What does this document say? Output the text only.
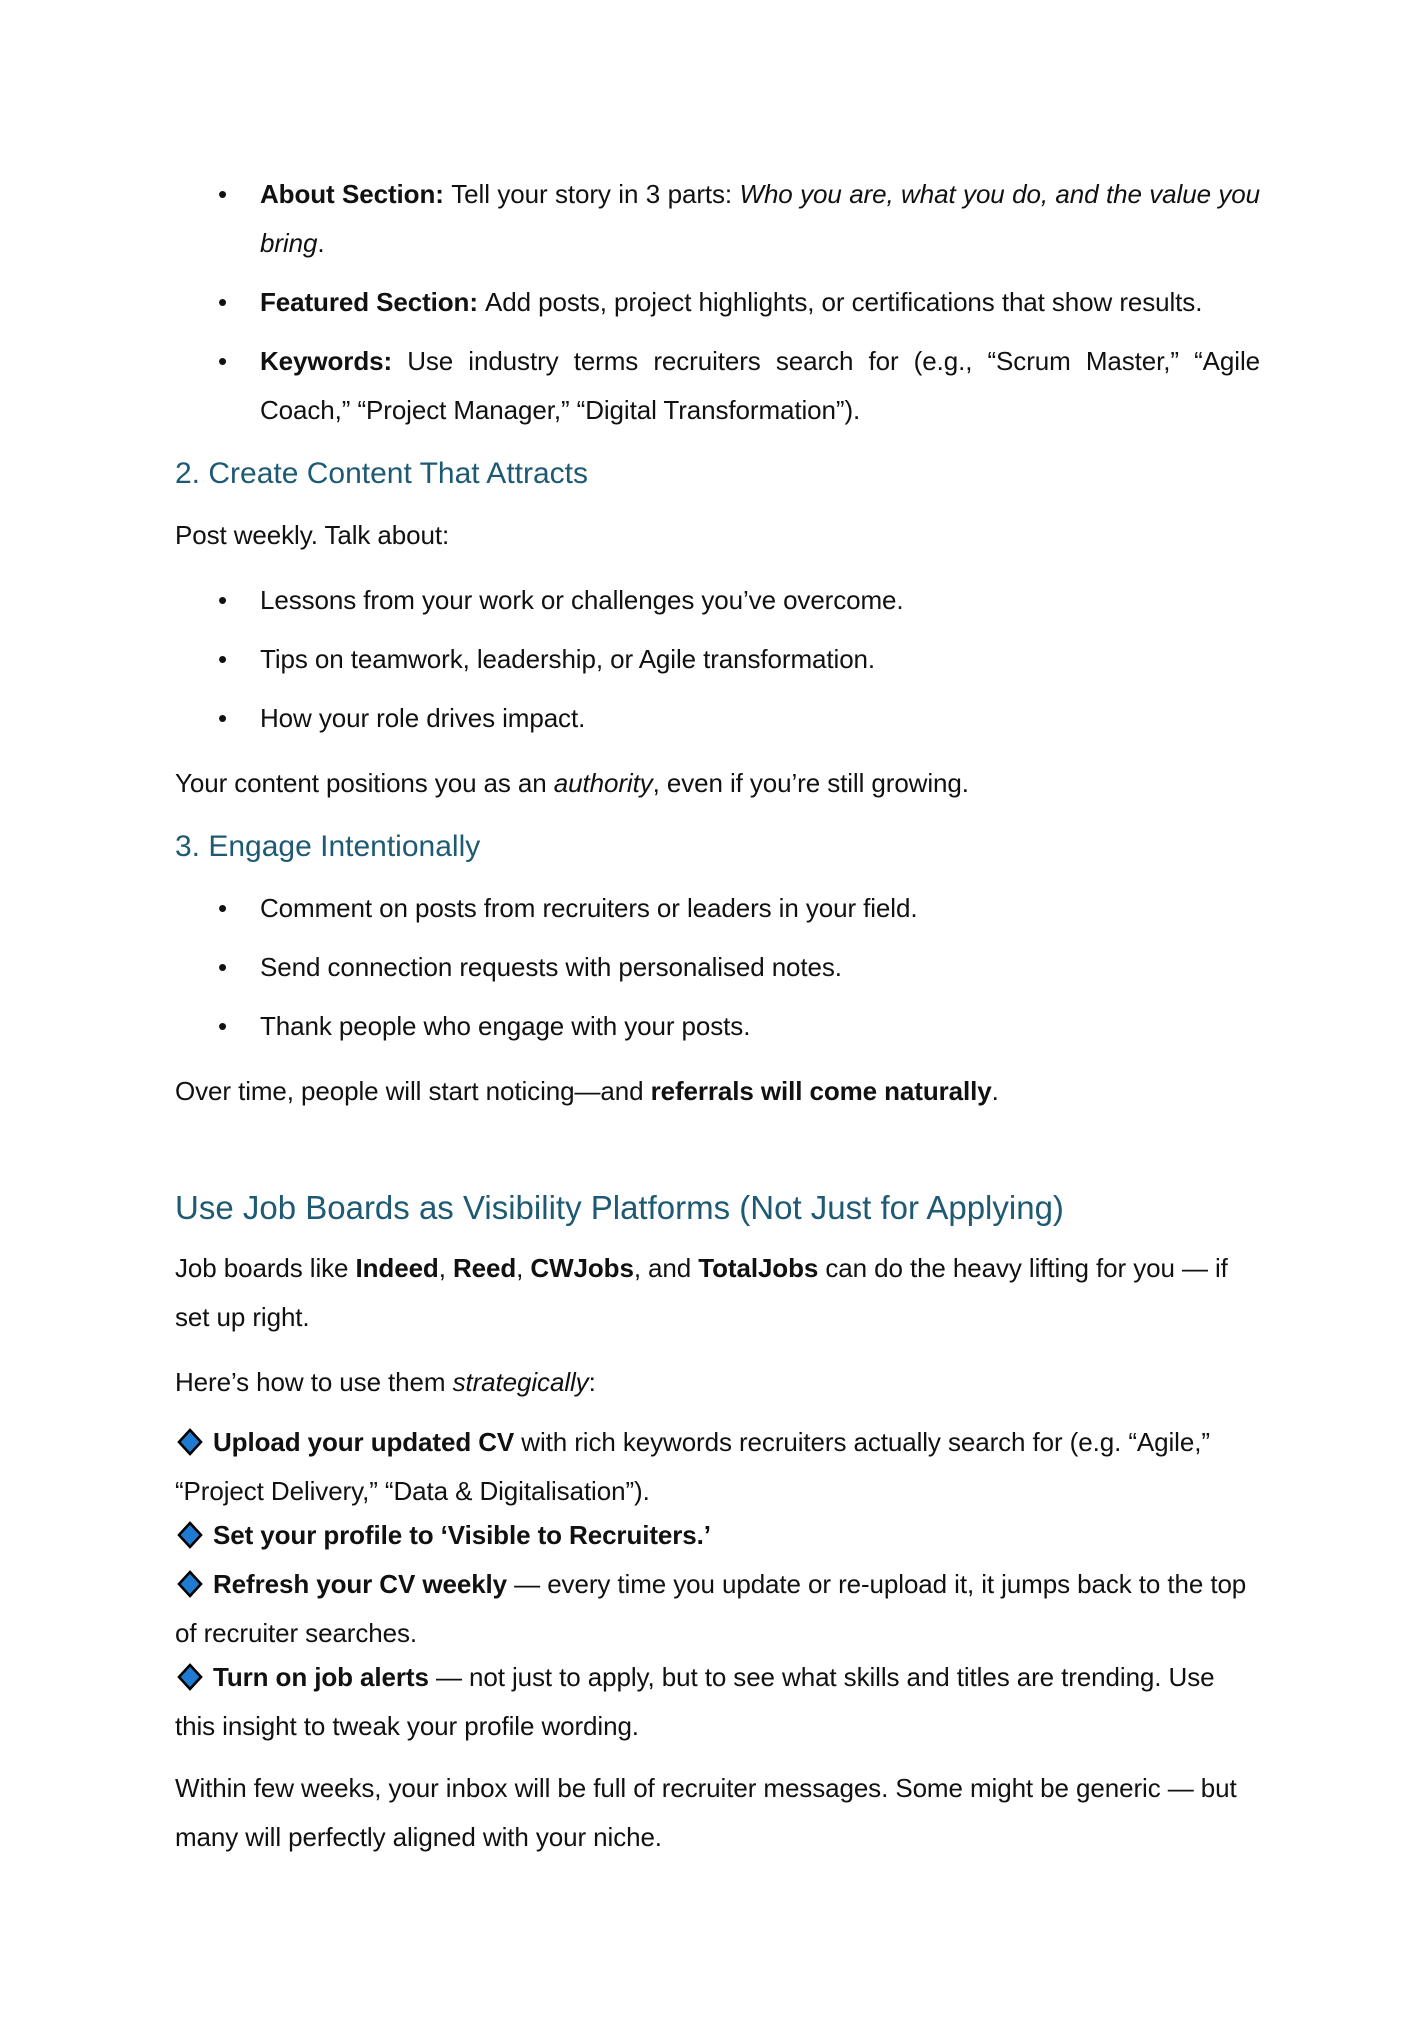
• About Section: Tell your story in 3 parts: Who you are, what you do, and the value you bring.
• Featured Section: Add posts, project highlights, or certifications that show results.
• Keywords: Use industry terms recruiters search for (e.g., “Scrum Master,” “Agile Coach,” “Project Manager,” “Digital Transformation”).
2. Create Content That Attracts
Post weekly. Talk about:
• Lessons from your work or challenges you’ve overcome.
• Tips on teamwork, leadership, or Agile transformation.
• How your role drives impact.
Your content positions you as an authority, even if you’re still growing.
3. Engage Intentionally
• Comment on posts from recruiters or leaders in your field.
• Send connection requests with personalised notes.
• Thank people who engage with your posts.
Over time, people will start noticing—and referrals will come naturally.
Use Job Boards as Visibility Platforms (Not Just for Applying)
Job boards like Indeed, Reed, CWJobs, and TotalJobs can do the heavy lifting for you — if set up right.
Here’s how to use them strategically:
Upload your updated CV with rich keywords recruiters actually search for (e.g. “Agile,” “Project Delivery,” “Data & Digitalisation”).
Set your profile to ‘Visible to Recruiters.’
Refresh your CV weekly — every time you update or re-upload it, it jumps back to the top of recruiter searches.
Turn on job alerts — not just to apply, but to see what skills and titles are trending. Use this insight to tweak your profile wording.
Within few weeks, your inbox will be full of recruiter messages. Some might be generic — but many will perfectly aligned with your niche.
